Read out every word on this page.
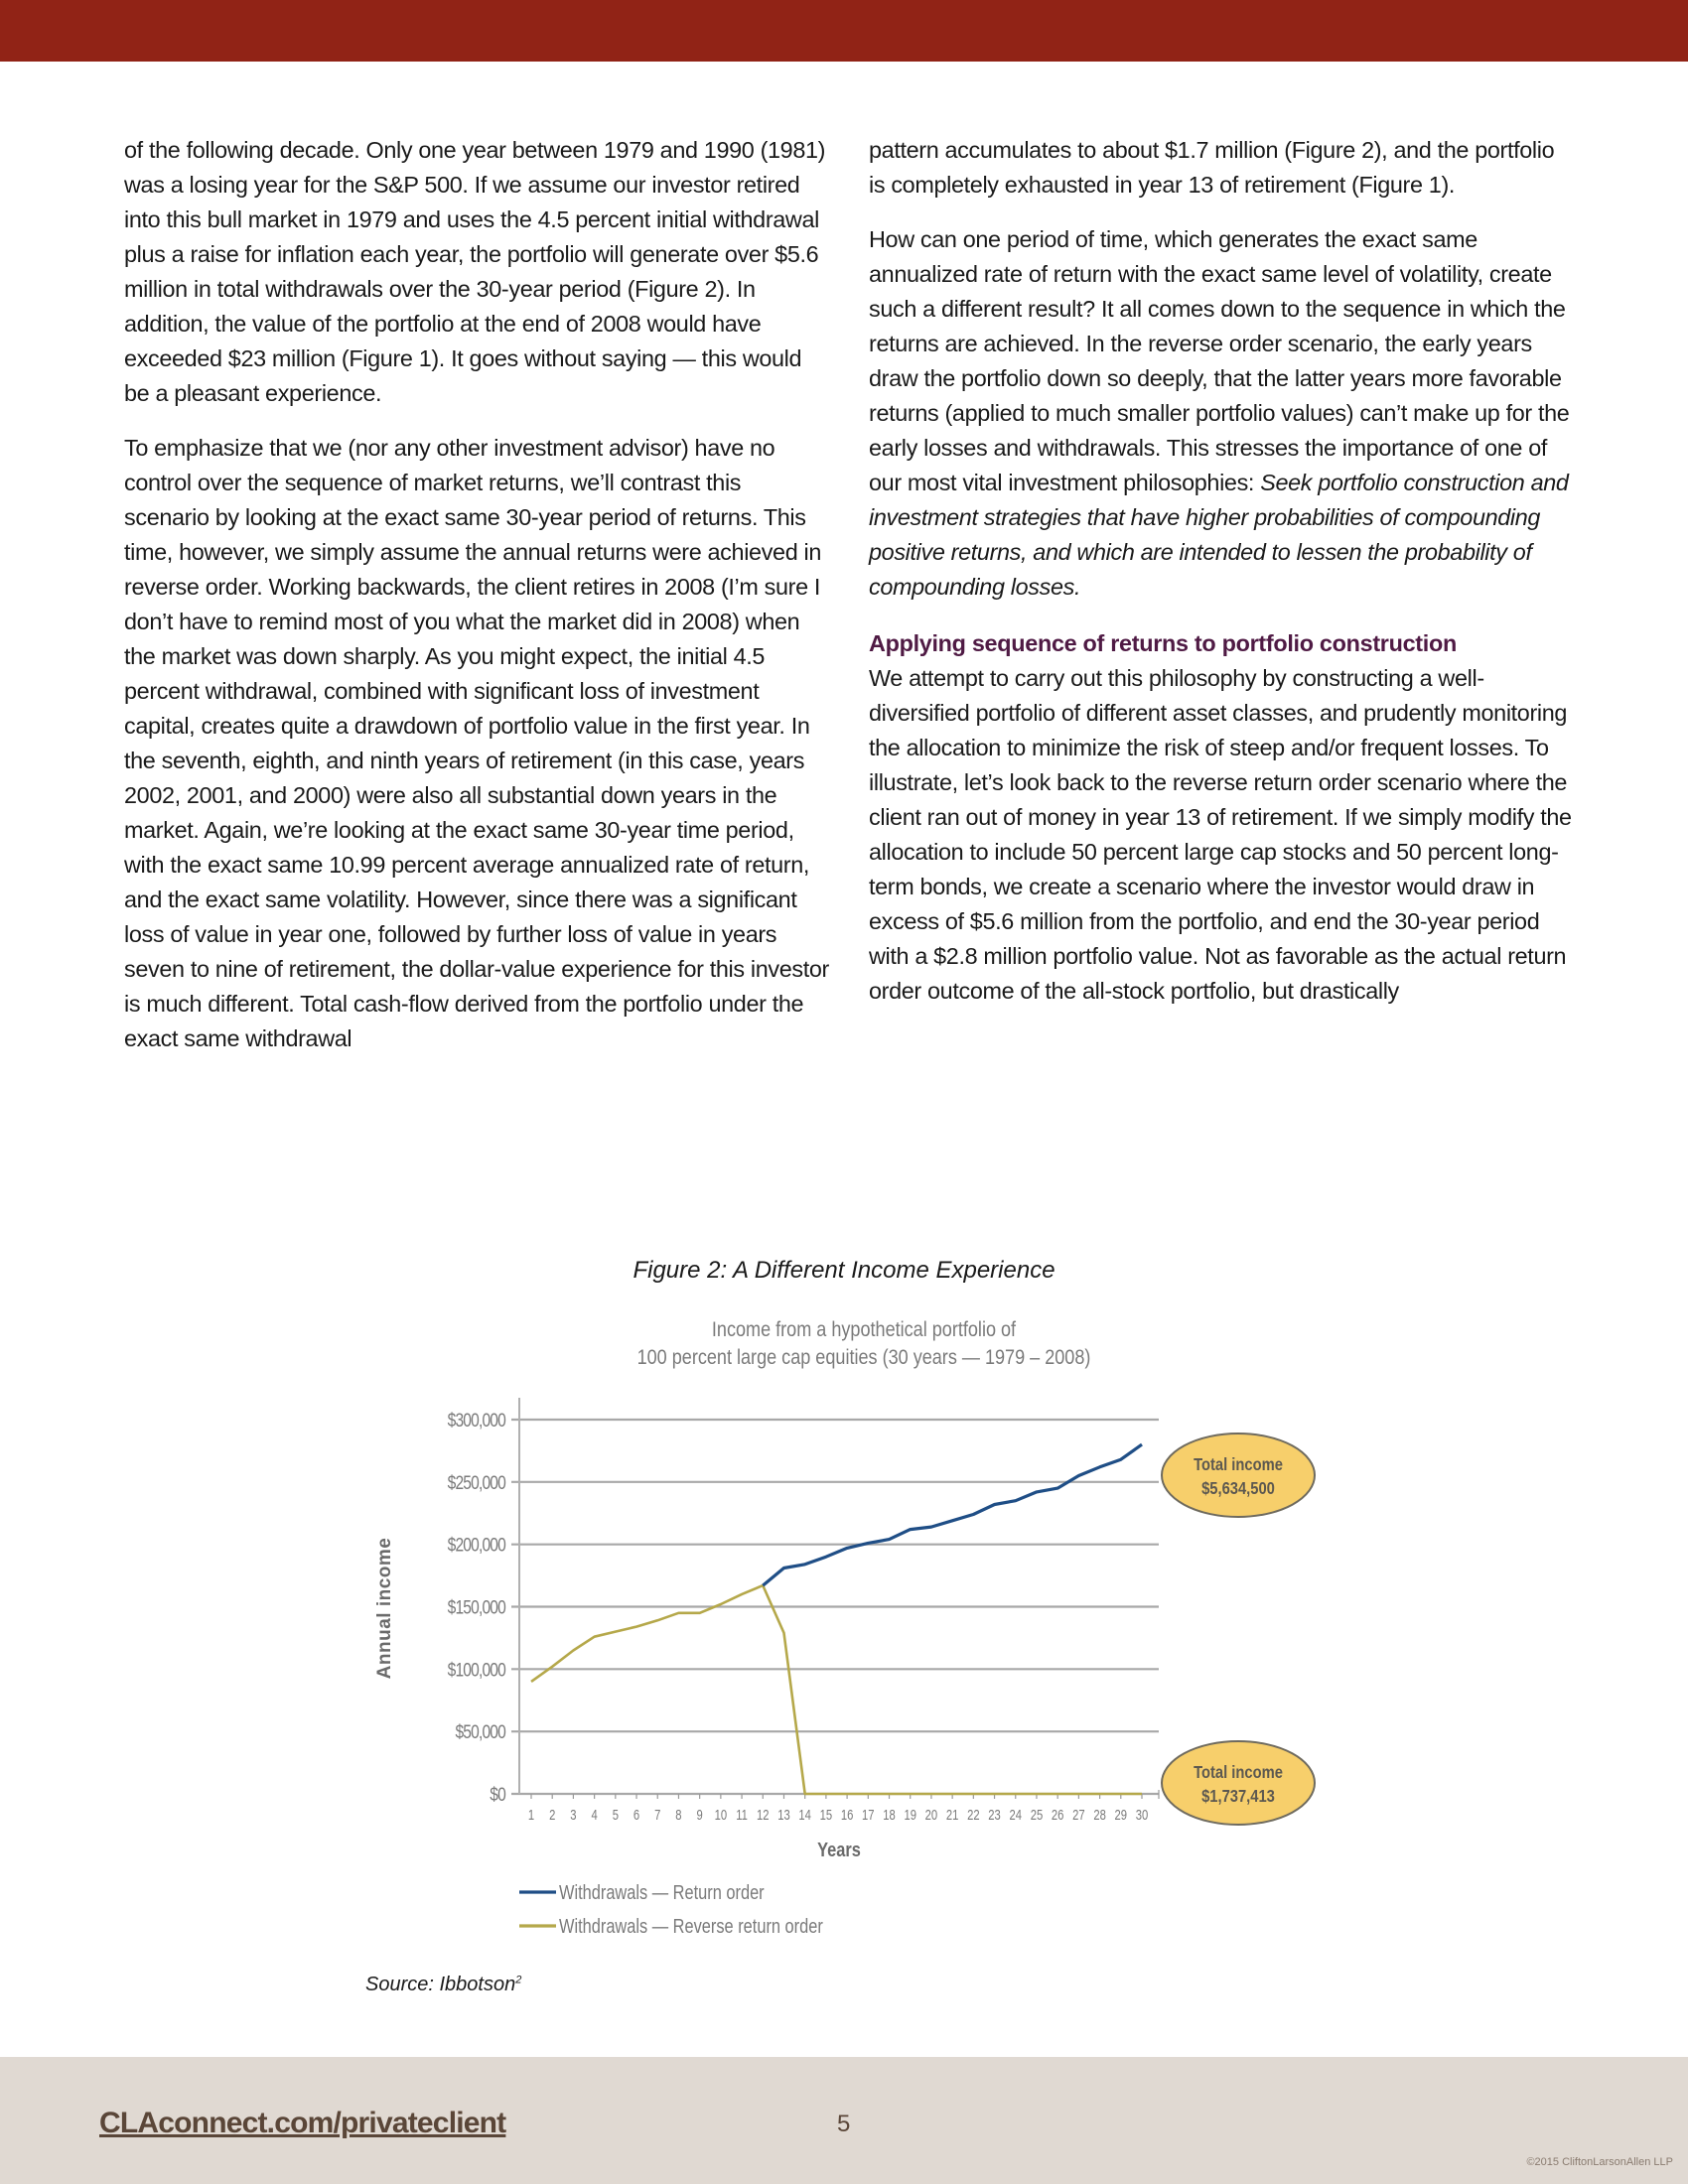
of the following decade. Only one year between 1979 and 1990 (1981) was a losing year for the S&P 500. If we assume our investor retired into this bull market in 1979 and uses the 4.5 percent initial withdrawal plus a raise for inflation each year, the portfolio will generate over $5.6 million in total withdrawals over the 30-year period (Figure 2). In addition, the value of the portfolio at the end of 2008 would have exceeded $23 million (Figure 1). It goes without saying — this would be a pleasant experience.

To emphasize that we (nor any other investment advisor) have no control over the sequence of market returns, we’ll contrast this scenario by looking at the exact same 30-year period of returns. This time, however, we simply assume the annual returns were achieved in reverse order. Working backwards, the client retires in 2008 (I’m sure I don’t have to remind most of you what the market did in 2008) when the market was down sharply. As you might expect, the initial 4.5 percent withdrawal, combined with significant loss of investment capital, creates quite a drawdown of portfolio value in the first year. In the seventh, eighth, and ninth years of retirement (in this case, years 2002, 2001, and 2000) were also all substantial down years in the market. Again, we’re looking at the exact same 30-year time period, with the exact same 10.99 percent average annualized rate of return, and the exact same volatility. However, since there was a significant loss of value in year one, followed by further loss of value in years seven to nine of retirement, the dollar-value experience for this investor is much different. Total cash-flow derived from the portfolio under the exact same withdrawal

pattern accumulates to about $1.7 million (Figure 2), and the portfolio is completely exhausted in year 13 of retirement (Figure 1).

How can one period of time, which generates the exact same annualized rate of return with the exact same level of volatility, create such a different result? It all comes down to the sequence in which the returns are achieved. In the reverse order scenario, the early years draw the portfolio down so deeply, that the latter years more favorable returns (applied to much smaller portfolio values) can’t make up for the early losses and withdrawals. This stresses the importance of one of our most vital investment philosophies: Seek portfolio construction and investment strategies that have higher probabilities of compounding positive returns, and which are intended to lessen the probability of compounding losses.

Applying sequence of returns to portfolio construction

We attempt to carry out this philosophy by constructing a well-diversified portfolio of different asset classes, and prudently monitoring the allocation to minimize the risk of steep and/or frequent losses. To illustrate, let’s look back to the reverse return order scenario where the client ran out of money in year 13 of retirement. If we simply modify the allocation to include 50 percent large cap stocks and 50 percent long-term bonds, we create a scenario where the investor would draw in excess of $5.6 million from the portfolio, and end the 30-year period with a $2.8 million portfolio value. Not as favorable as the actual return order outcome of the all-stock portfolio, but drastically

Figure 2: A Different Income Experience
Income from a hypothetical portfolio of
100 percent large cap equities (30 years — 1979 – 2008)
$0
$50,000
$100,000
$150,000
$200,000
$250,000
$300,000
1 2 3 4 5 6 7 8 9 10 11 12 13 14 15 16 17 18 19 20 21 22 23 24 25 26 27 28 29 30
Years
Annual income
Total income
$5,634,500
Total income
$1,737,413
Withdrawals — Return order
Withdrawals — Reverse return order
Source: Ibbotson$^2$
CLAconnect.com/privateclient	5
©2015 CliftonLarsonAllen LLP
